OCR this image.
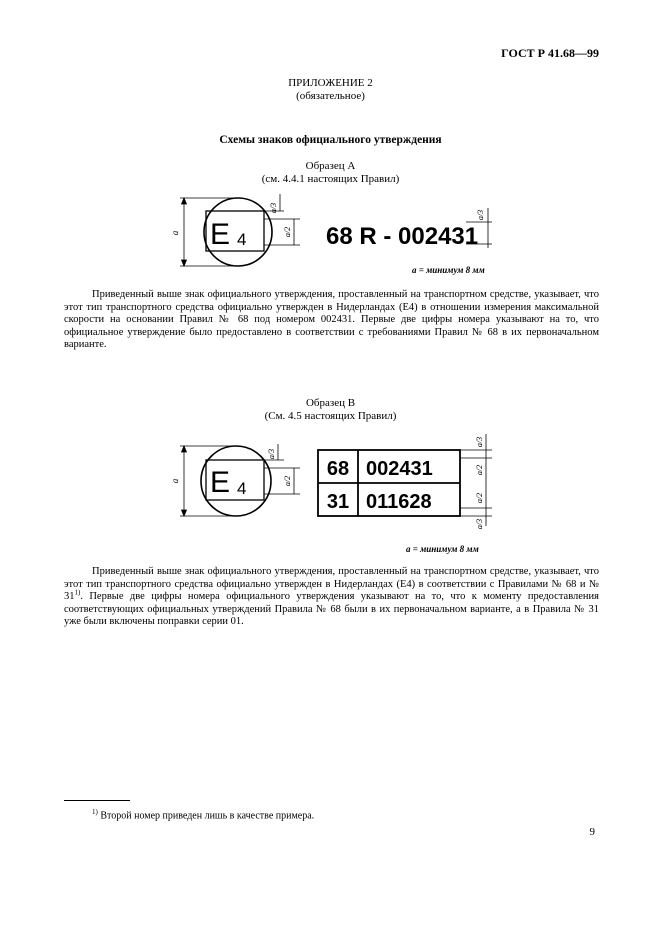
ГОСТ Р 41.68—99
ПРИЛОЖЕНИЕ 2
(обязательное)
Схемы знаков официального утверждения
Образец А
(см. 4.4.1 настоящих Правил)
a E 4
a/3
a/2 68 R - 002431
a/3
a = минимум 8 мм

Приведенный выше знак официального утверждения, проставленный на транспортном средстве, указывает, что этот тип транспортного средства официально утвержден в Нидерландах (E4) в отношении измерения максимальной скорости на основании Правил № 68 под номером 002431. Первые две цифры номера указывают на то, что официальное утверждение было предоставлено в соответствии с требованиями Правил № 68 в их первоначальном варианте.

Образец В
(См. 4.5 настоящих Правил)
a E 4
a/3
a/2
68 002431
31 011628
a/3
a/2
a/2
a/3
a = минимум 8 мм

Приведенный выше знак официального утверждения, проставленный на транспортном средстве, указывает, что этот тип транспортного средства официально утвержден в Нидерландах (E4) в соответствии с Правилами № 68 и № 31$^{1)}$. Первые две цифры номера официального утверждения указывают на то, что к моменту предоставления соответствующих официальных утверждений Правила № 68 были в их первоначальном варианте, а в Правила № 31 уже были включены поправки серии 01.

$^{1)}$ Второй номер приведен лишь в качестве примера.
9
